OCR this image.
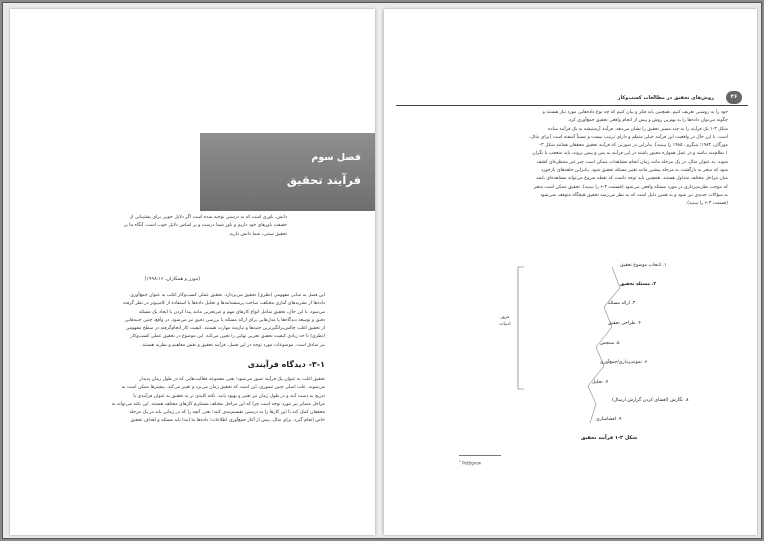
فصل سوم
فرآیند تحقیق
دانش، باوری است که به درستی توجیه شده است اگر دلایل خوبی برای پشتیبانی از
حقیقت باورهای خود داریم و باور شما درست و بر اساس دلایل خوب است، آنگاه ما بر
تحقیق ستنی، شما دانش دارید.
(موزر و همکاران، ۱۹۹۸:۱۶)
این فصل به مبانی مفهومی (نظری) تحقیق می‌پردازد. تحقیق عملی کسب‌وکار اغلب به عنوان جمع‌آوری
داده‌ها از نشریه‌های آماری مختلف، ساخت پرسشنامه‌ها و تحلیل داده‌ها با استفاده از کامپیوتر در نظر گرفته
می‌شود. با این حال، تحقیق شامل انواع کارهای مهم و غیرتجربی مانند پیدا کردن یا ایجاد یک مسئله
دقیق و توسعه دیدگاه‌ها یا مدل‌هایی برای ارائه مسئله یا بررسی دقیق نیز می‌شود. در واقع، چنین جنبه‌هایی
از تحقیق اغلب چالش‌برانگیزترین جنبه‌ها و نیازمند مهارت هستند. کیفیت کار انجام‌گرفته در سطح مفهومی
(نظری) تا حد زیادی کیفیت تحقیق تجربی نهایی را تعیین می‌کند. این موضوع در تحقیق عملی کسب‌وکار
نیز صادق است. موضوعات مورد توجه در این فصل، فرآیند تحقیق و نقش مفاهیم و نظریه هستند.
۳-۱- دیدگاه فرآیندی
تحقیق اغلب به عنوان یک فرآیند تصور می‌شود؛ یعنی مجموعه فعالیت‌هایی که در طول زمان پدیدار
می‌شوند. علت اصلی چنین تصوری، این است که تحقیق زمان می‌برد و تغییر می‌کند. بیشترها ممکن است به
تدریج به دست آیند و در طول زمان نیز تغییر و بهبود یابند. نکته کلیدی تر به تحقیق به عنوان فرآیندی با
مراحل متمایز نیز مورد توجه است چرا که این مراحل مختلف مستلزم کارهای مختلف هستند. این نکته می‌تواند به
محققان کمک کند تا این کارها را به درستی تقسیم‌بندی کنند؛ یعنی آنچه را که در زمانی باید در یک مرحله
خاص انجام گیرد. برای مثال، پیش از آغاز جمع‌آوری اطلاعات؛ داده‌ها ما ابتدا باید مسئله و اهداف تحقیق
۴۶
روش‌های تحقیق در مطالعات کسب‌وکار
خود را به روشنی تعریف کنیم. همچنین باید فکر و بیان کنیم که چه نوع داده‌هایی مورد نیاز هستند و
چگونه می‌توان داده‌ها را به بهترین روش و پیش از انجام واقعی تحقیق جمع‌آوری کرد.
شکل ۳-۱ یک فرآیند را به چند مسیر تحقیق را نشان می‌دهد. فرآیند آرمیتیشه به یک فرآیند ساده
است. با این حال در واقعیت این فرآیند خیلی منظم و دارای ترتیب نیست و نسبتاً آشفته است [برای مثال،
مورگان، ۱۹۸۳؛ پتیگرو ، ۱۹۸۵ را ببینید]. بنابراین در صورتی که فرآیند تحقیق محققان همانند شکل ۳-
۱ نظام‌مند نباشد و در عمل همواره مجبور باشند در این فرآیند به پس و پیش بروند، باید متعجب یا نگران
شوند. به عنوان مثال، در یک مرحله مانند زمان انجام مشاهدات ممکن است چیز غیر منتظره‌ای کشف
شود که منجر به بازگشت به مرحله پیشین مانند تغییر مسئله تحقیق شود. بنابراین حلقه‌های بازخورد
میان مراحل مختلف متداول هستند. همچنین باید توجه داشت که نقطه شروع می‌تواند مشاهده‌ای باشد
که موجب نظریه‌پردازی در مورد مسئله واقعی می‌شود (قسمت ۳-۶ را ببینید). تحقیق ممکن است منجر
به سؤالات جدیدی نیز شود و به همین دلیل است که به نظر می‌رسد تحقیق هیچگاه متوقف نمی‌شود
(قسمت ۳-۶ را ببینید).
مرور
ادبیات
۱. انتخاب موضوع تحقیق
۲. مسئله تحقیق
۳. ارائه مسئله
۴. طراحی تحقیق
۵. سنجش
۶. نمونه‌برداری/جمع‌آوری
۷. تحلیل
۸. نگارش (افشای کردن گزارش ارسال)
۹. افشاسازی
شکل ۳-۱ فرآیند تحقیق
$^1$ Pettigrew
